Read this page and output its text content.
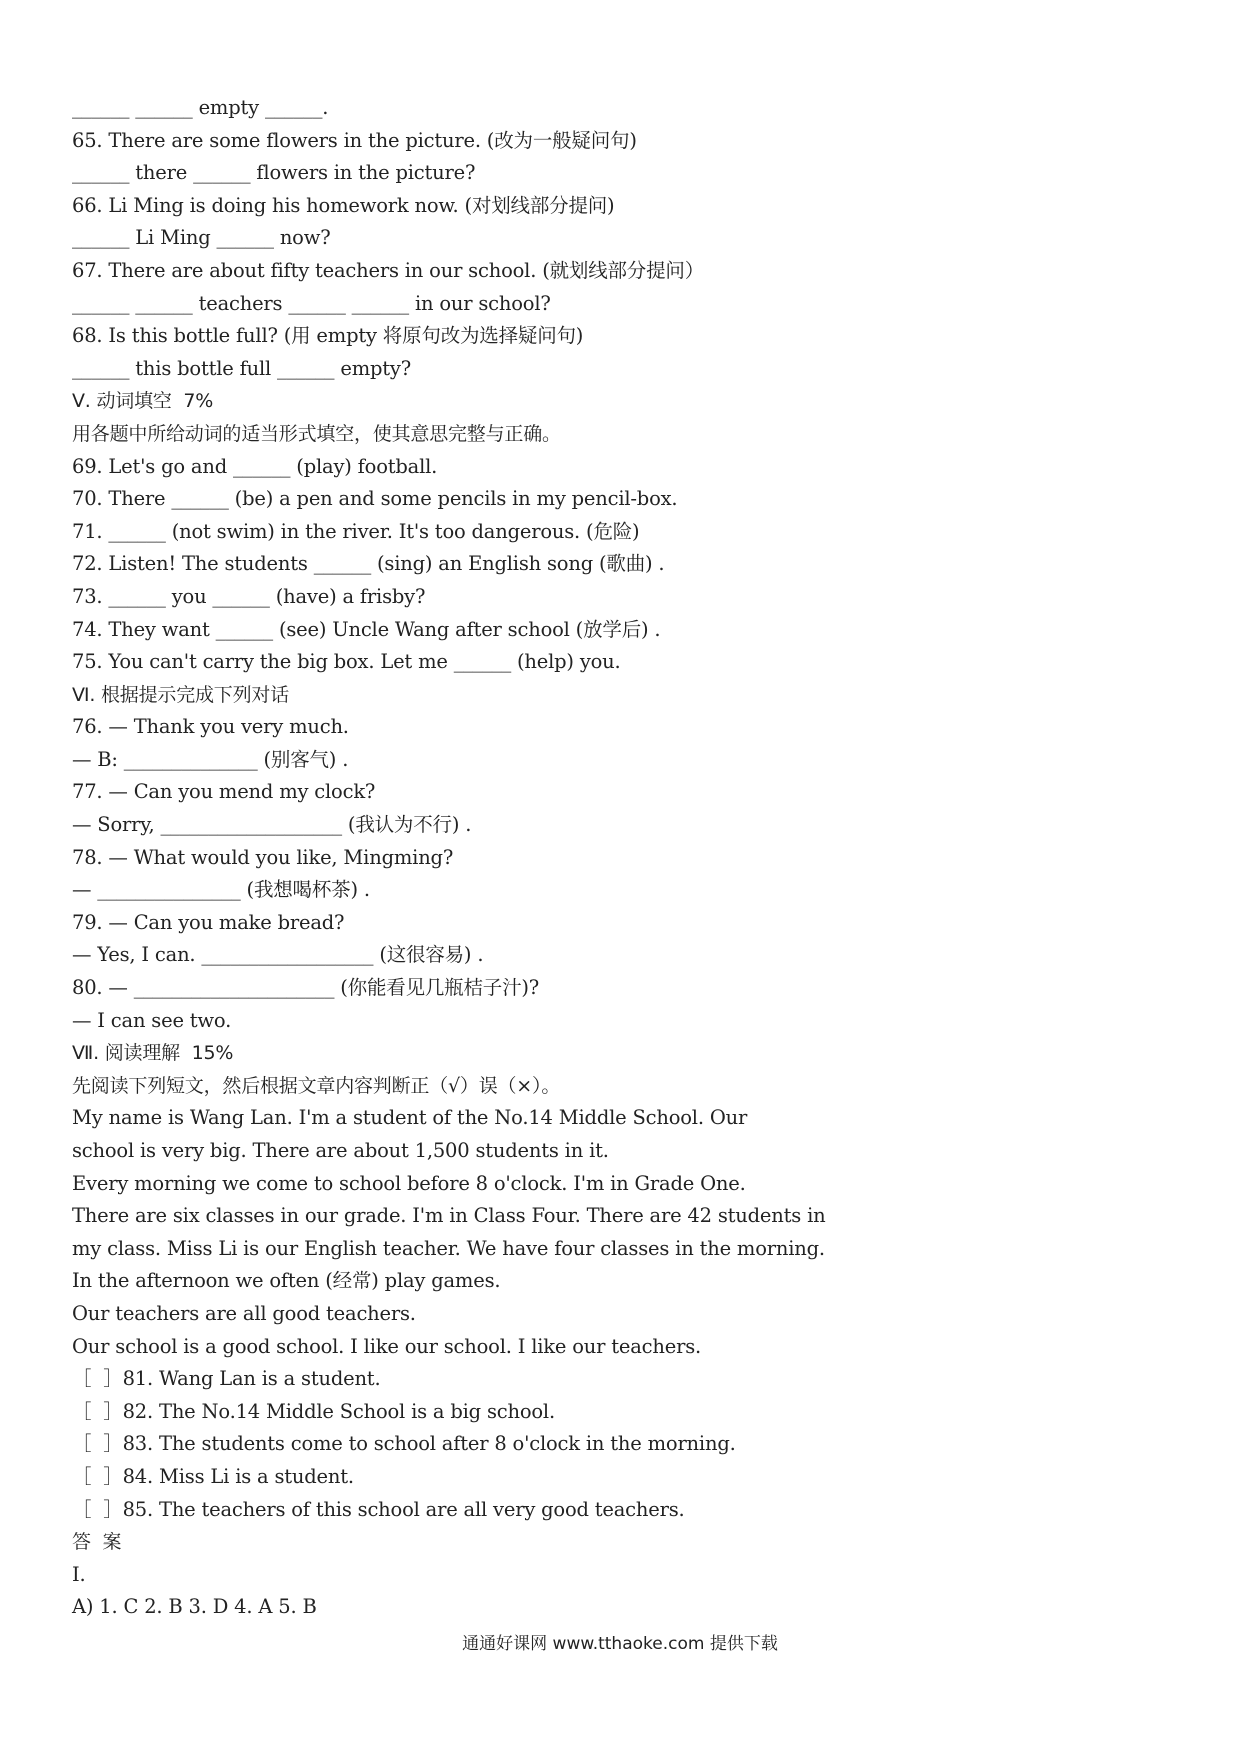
______ ______ empty ______.
65. There are some flowers in the picture. (改为一般疑问句)
______ there ______ flowers in the picture?
66. Li Ming is doing his homework now. (对划线部分提问)
______ Li Ming ______ now?
67. There are about fifty teachers in our school. (就划线部分提问）
______ ______ teachers ______ ______ in our school?
68. Is this bottle full? (用 empty 将原句改为选择疑问句)
______ this bottle full ______ empty?
Ⅴ. 动词填空  7%
用各题中所给动词的适当形式填空，使其意思完整与正确。
69. Let's go and ______ (play) football.
70. There ______ (be) a pen and some pencils in my pencil-box.
71. ______ (not swim) in the river. It's too dangerous. (危险)
72. Listen! The students ______ (sing) an English song (歌曲) .
73. ______ you ______ (have) a frisby?
74. They want ______ (see) Uncle Wang after school (放学后) .
75. You can't carry the big box. Let me ______ (help) you.
Ⅵ. 根据提示完成下列对话
76. — Thank you very much.
— B: ______________ (别客气) .
77. — Can you mend my clock?
— Sorry, ___________________ (我认为不行) .
78. — What would you like, Mingming?
— _______________ (我想喝杯茶) .
79. — Can you make bread?
— Yes, I can. __________________ (这很容易) .
80. — _____________________ (你能看见几瓶桔子汁)?
— I can see two.
Ⅶ. 阅读理解  15%
先阅读下列短文，然后根据文章内容判断正（√）误（×）。
My name is Wang Lan. I'm a student of the No.14 Middle School. Our
school is very big. There are about 1,500 students in it.
Every morning we come to school before 8 o'clock. I'm in Grade One.
There are six classes in our grade. I'm in Class Four. There are 42 students in
my class. Miss Li is our English teacher. We have four classes in the morning.
In the afternoon we often (经常) play games.
Our teachers are all good teachers.
Our school is a good school. I like our school. I like our teachers.
［  ］81. Wang Lan is a student.
［  ］82. The No.14 Middle School is a big school.
［  ］83. The students come to school after 8 o'clock in the morning.
［  ］84. Miss Li is a student.
［  ］85. The teachers of this school are all very good teachers.
答  案
Ⅰ.
A) 1. C 2. B 3. D 4. A 5. B
通通好课网 www.tthaoke.com 提供下载
